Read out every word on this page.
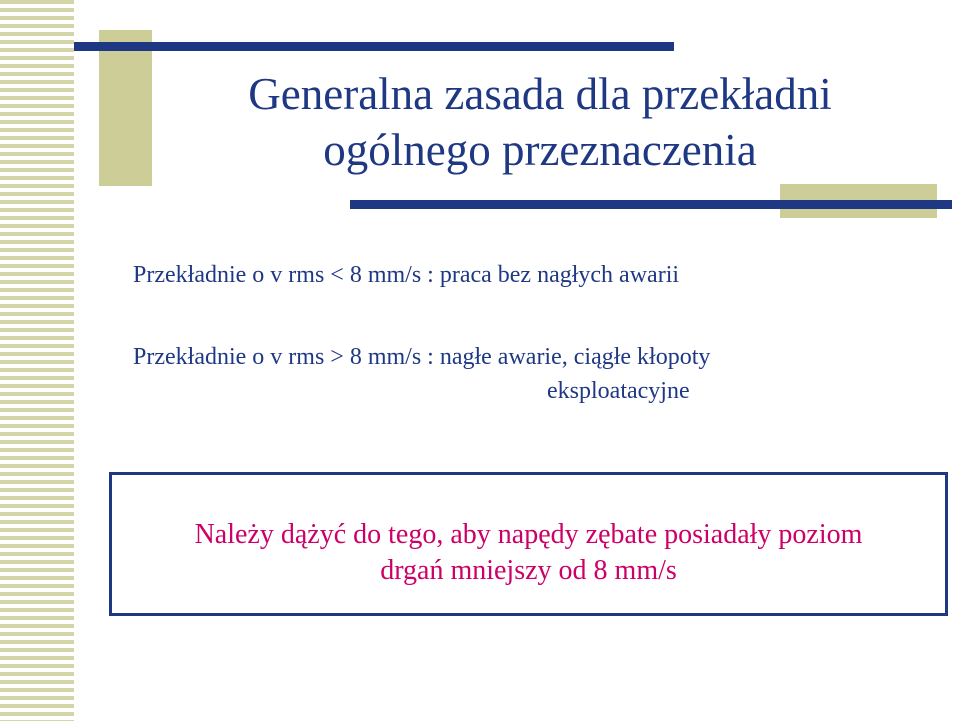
Generalna zasada dla przekładni
ogólnego przeznaczenia
Przekładnie o v rms < 8 mm/s : praca bez nagłych awarii
Przekładnie o v rms > 8 mm/s : nagłe awarie, ciągłe kłopoty
eksploatacyjne
Należy dążyć do tego, aby napędy zębate posiadały poziom
drgań mniejszy od 8 mm/s
